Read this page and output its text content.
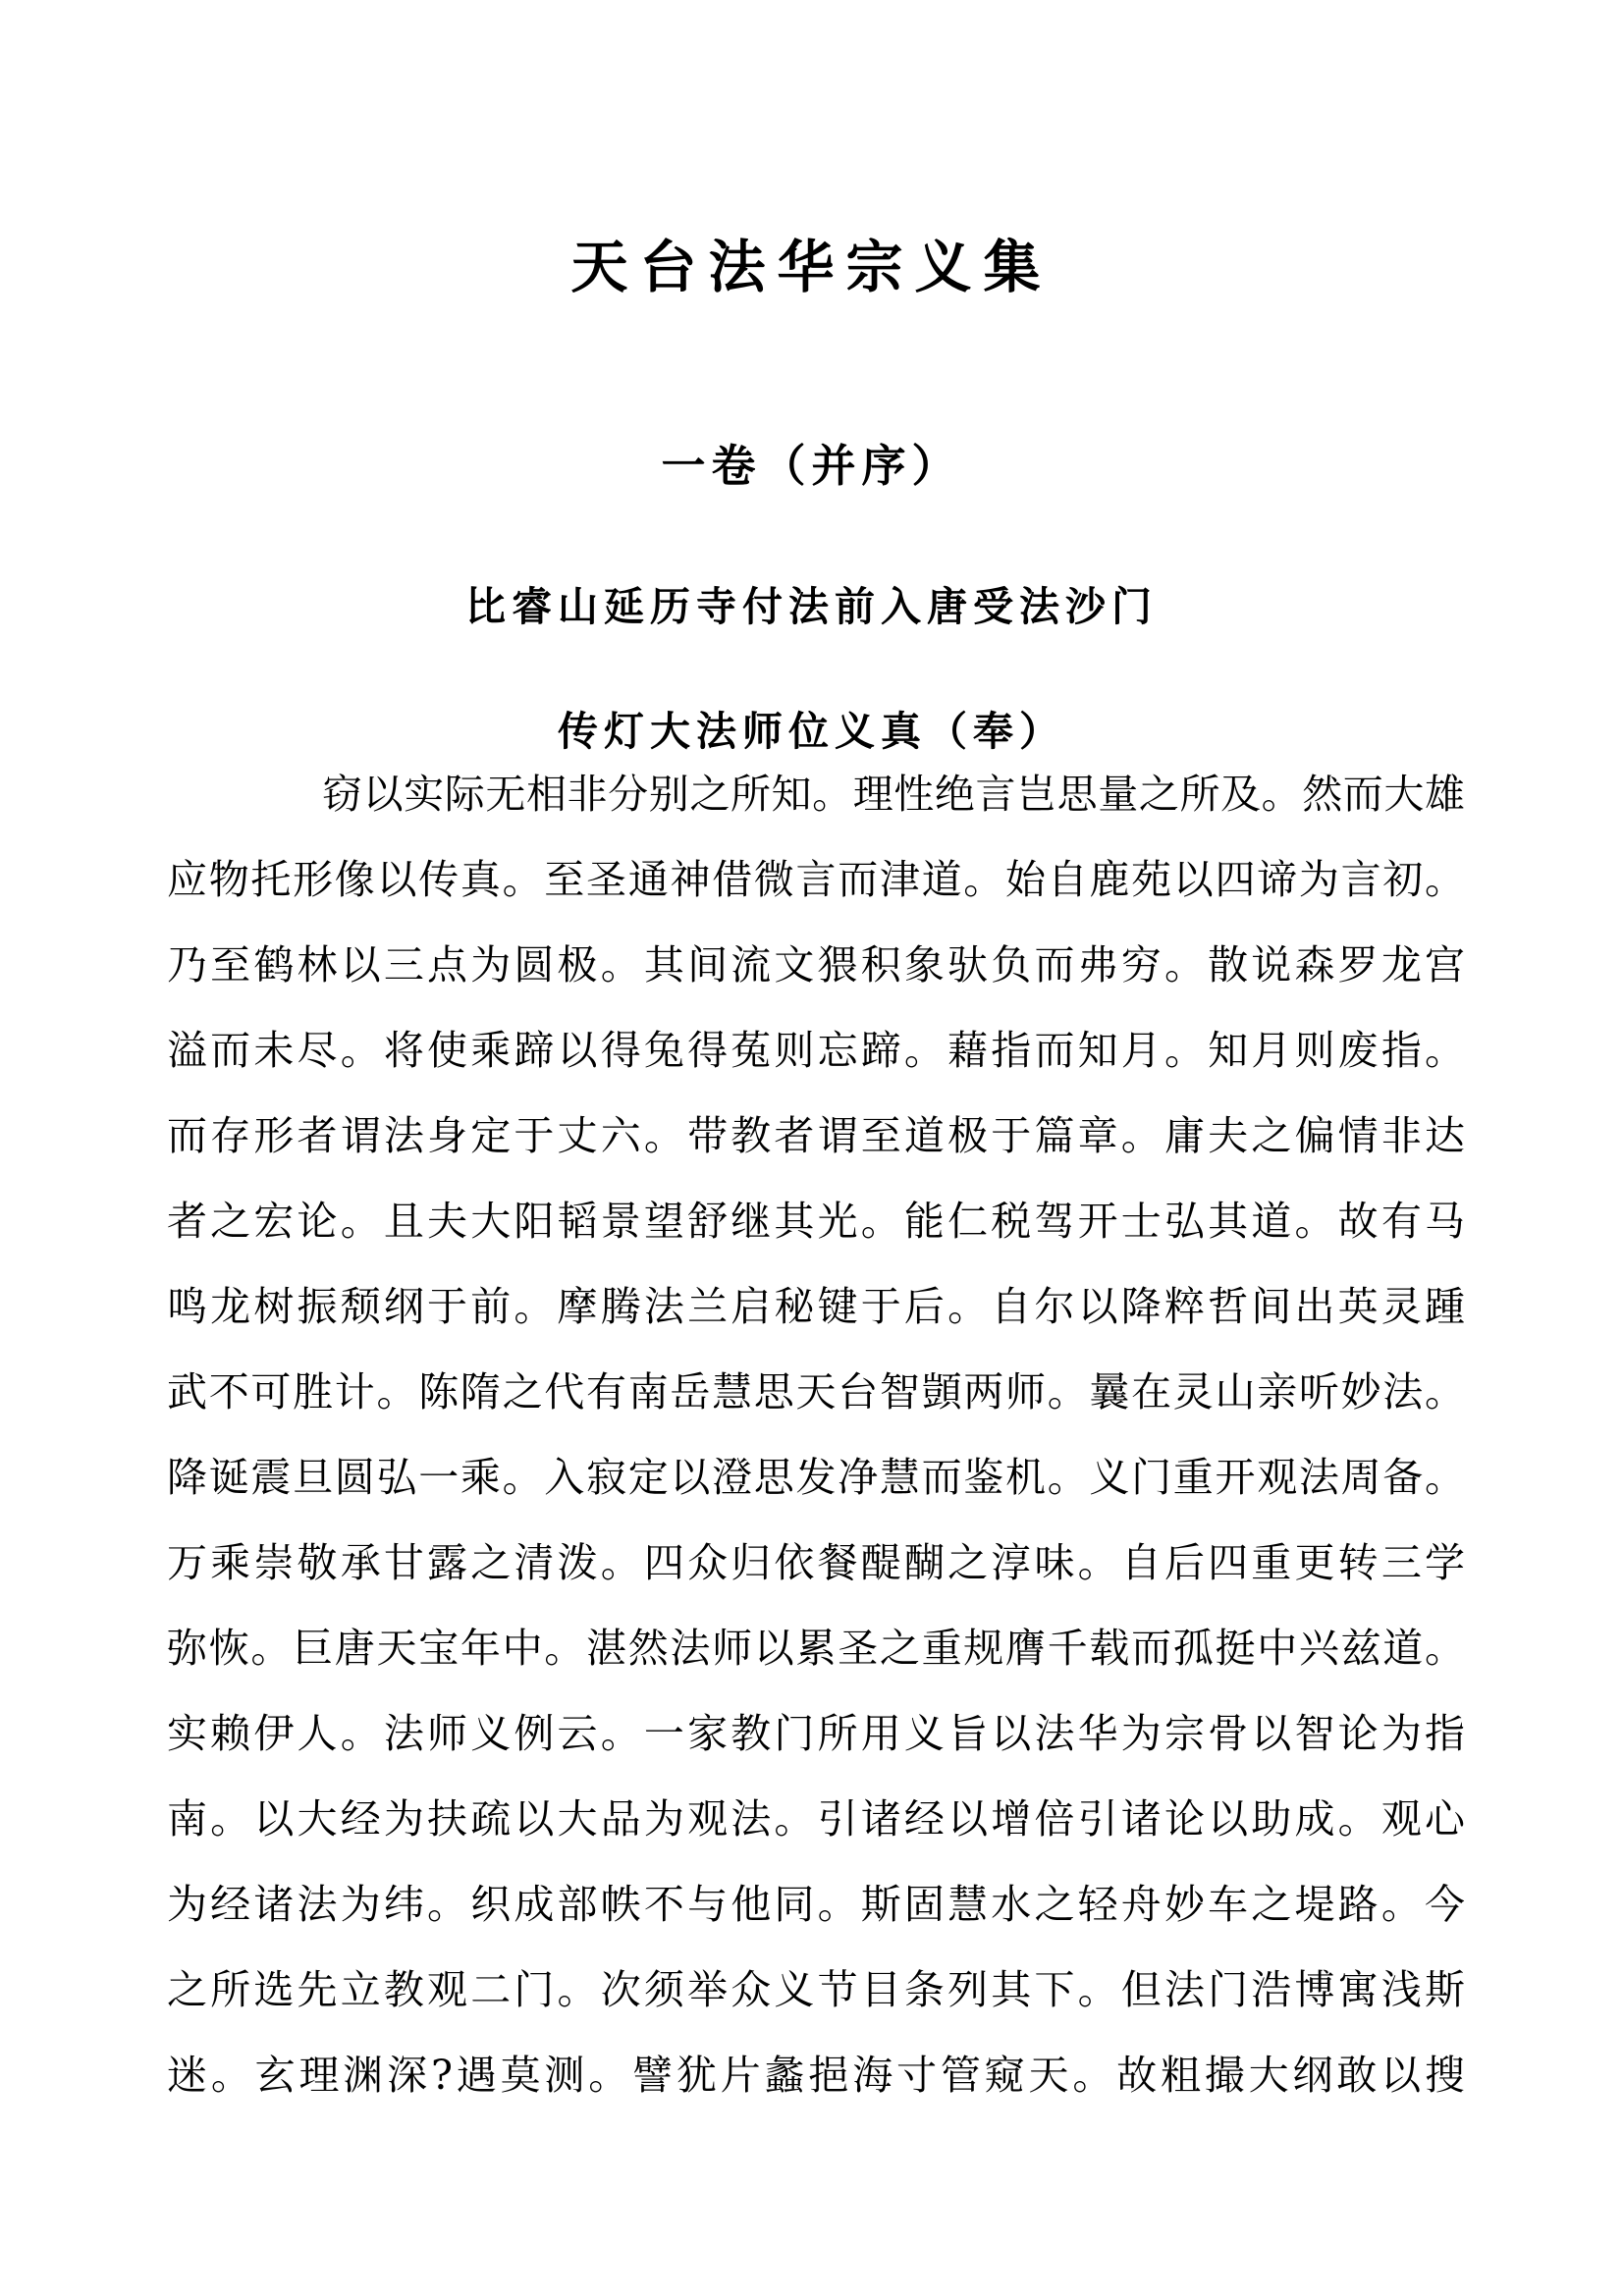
天台法华宗义集
一卷（并序）
比睿山延历寺付法前入唐受法沙门
传灯大法师位义真（奉）
窃以实际无相非分别之所知。理性绝言岂思量之所及。然而大雄
应物托形像以传真。至圣通神借微言而津道。始自鹿苑以四谛为言初。
乃至鹤林以三点为圆极。其间流文猥积象驮负而弗穷。散说森罗龙宫
溢而未尽。将使乘蹄以得兔得菟则忘蹄。藉指而知月。知月则废指。
而存形者谓法身定于丈六。带教者谓至道极于篇章。庸夫之偏情非达
者之宏论。且夫大阳韬景望舒继其光。能仁税驾开士弘其道。故有马
鸣龙树振颓纲于前。摩腾法兰启秘键于后。自尔以降粹哲间出英灵踵
武不可胜计。陈隋之代有南岳慧思天台智顗两师。曩在灵山亲听妙法。
降诞震旦圆弘一乘。入寂定以澄思发净慧而鉴机。义门重开观法周备。
万乘崇敬承甘露之清泼。四众归依餐醍醐之淳味。自后四重更转三学
弥恢。巨唐天宝年中。湛然法师以累圣之重规膺千载而孤挺中兴兹道。
实赖伊人。法师义例云。一家教门所用义旨以法华为宗骨以智论为指
南。以大经为扶疏以大品为观法。引诸经以增倍引诸论以助成。观心
为经诸法为纬。织成部帙不与他同。斯固慧水之轻舟妙车之堤路。今
之所选先立教观二门。次须举众义节目条列其下。但法门浩博寓浅斯
迷。玄理渊深?遇莫测。譬犹片蠡挹海寸管窥天。故粗撮大纲敢以搜
